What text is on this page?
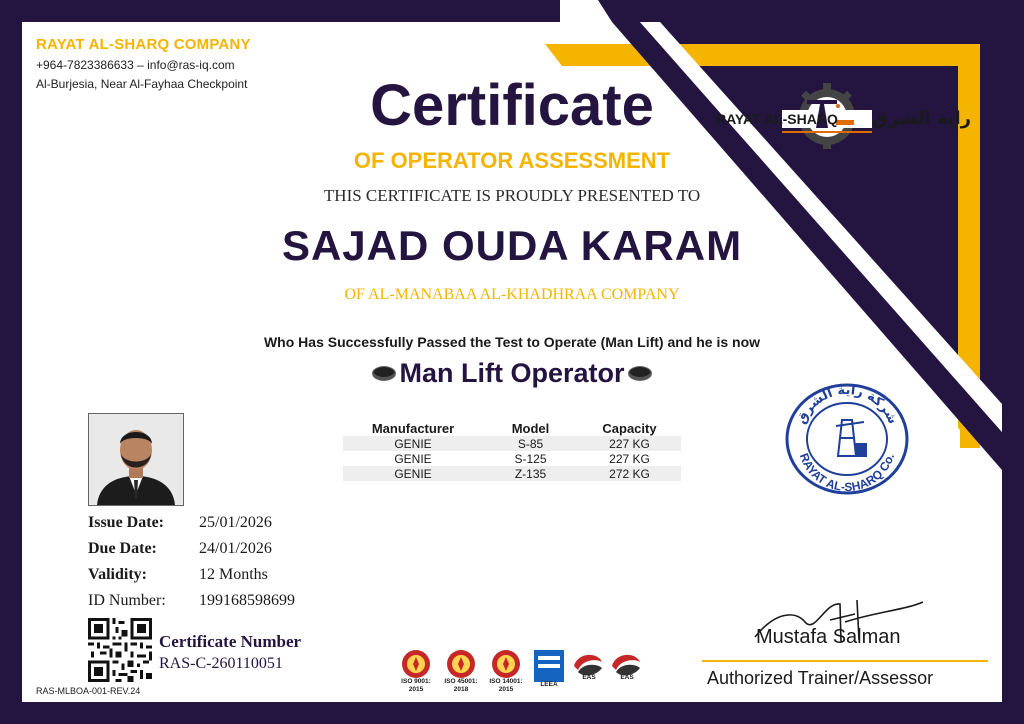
RAYAT AL-SHARQ COMPANY
+964-7823386633 – info@ras-iq.com
Al-Burjesia, Near Al-Fayhaa Checkpoint	Certificate
OF OPERATOR ASSESSMENT
THIS CERTIFICATE IS PROUDLY PRESENTED TO
SAJAD OUDA KARAM
OF AL-MANABAA AL-KHADHRAA COMPANY
Who Has Successfully Passed the Test to Operate (Man Lift) and he is now
Man Lift Operator
RAYAT AL-SHARQ راية الشرق
Manufacturer	Model	Capacity
GENIE	S-85	227 KG
GENIE	S-125	227 KG
GENIE	Z-135	272 KG
Issue Date: 25/01/2026
Due Date:	24/01/2026
Validity:	12 Months
ID Number: 199168598699
Certificate Number
RAS-C-260110051
RAS-MLBOA-001-REV.24
شركة راية الشرق
RAYAT AL-SHARQ Co.
Mustafa Salman
Authorized Trainer/Assessor
ISO 9001:
2015
ISO 45001:
2018
ISO 14001:
2015
LEEA
EAS	EAS
